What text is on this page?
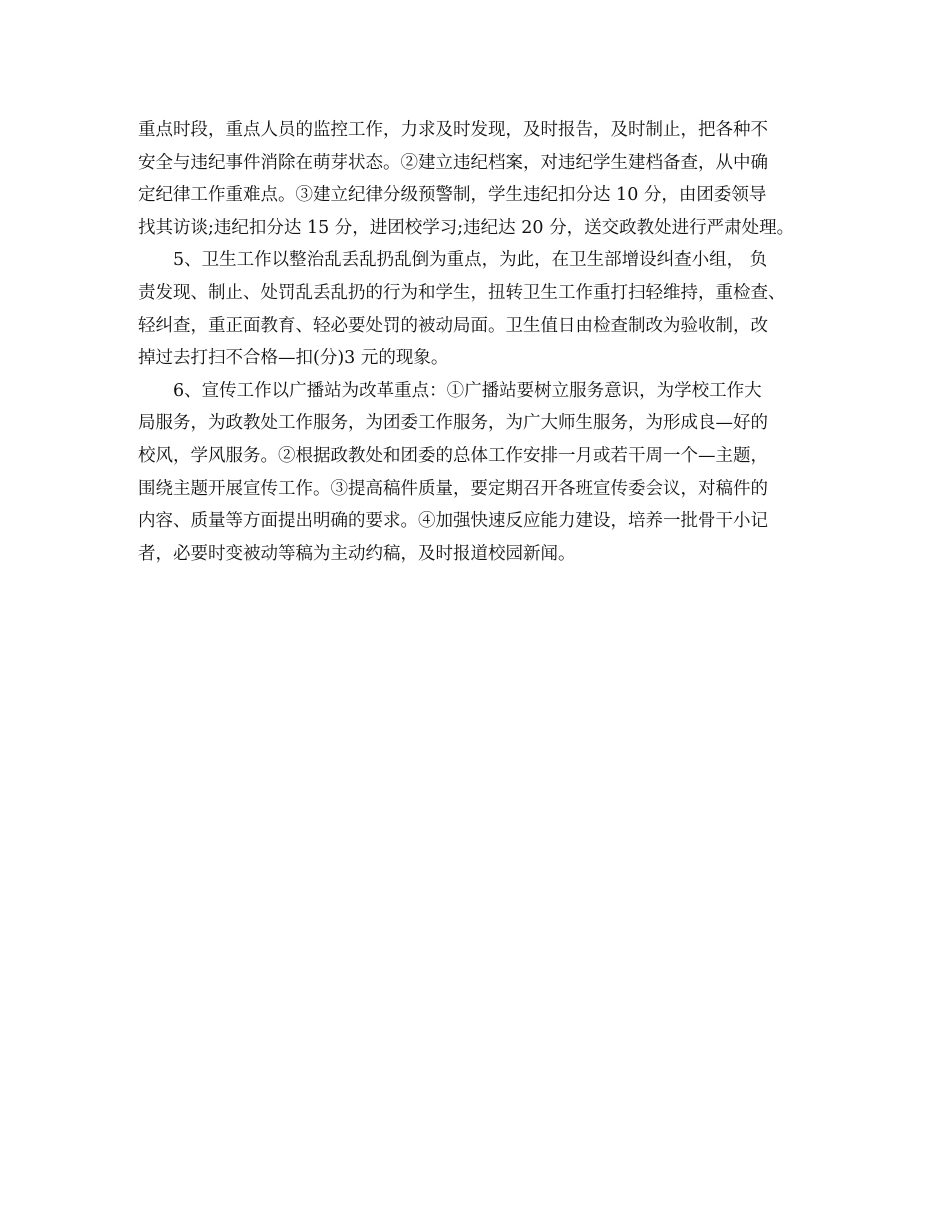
重点时段，重点人员的监控工作，力求及时发现，及时报告，及时制止，把各种不
安全与违纪事件消除在萌芽状态。②建立违纪档案，对违纪学生建档备查，从中确
定纪律工作重难点。③建立纪律分级预警制，学生违纪扣分达 10 分，由团委领导
找其访谈;违纪扣分达 15 分，进团校学习;违纪达 20 分，送交政教处进行严肃处理。
5、卫生工作以整治乱丢乱扔乱倒为重点，为此，在卫生部增设纠查小组， 负
责发现、制止、处罚乱丢乱扔的行为和学生，扭转卫生工作重打扫轻维持，重检查、
轻纠查，重正面教育、轻必要处罚的被动局面。卫生值日由检查制改为验收制，改
掉过去打扫不合格—扣(分)3 元的现象。
6、宣传工作以广播站为改革重点：①广播站要树立服务意识，为学校工作大
局服务，为政教处工作服务，为团委工作服务，为广大师生服务，为形成良—好的
校风，学风服务。②根据政教处和团委的总体工作安排一月或若干周一个—主题，
围绕主题开展宣传工作。③提高稿件质量，要定期召开各班宣传委会议，对稿件的
内容、质量等方面提出明确的要求。④加强快速反应能力建设，培养一批骨干小记
者，必要时变被动等稿为主动约稿，及时报道校园新闻。
